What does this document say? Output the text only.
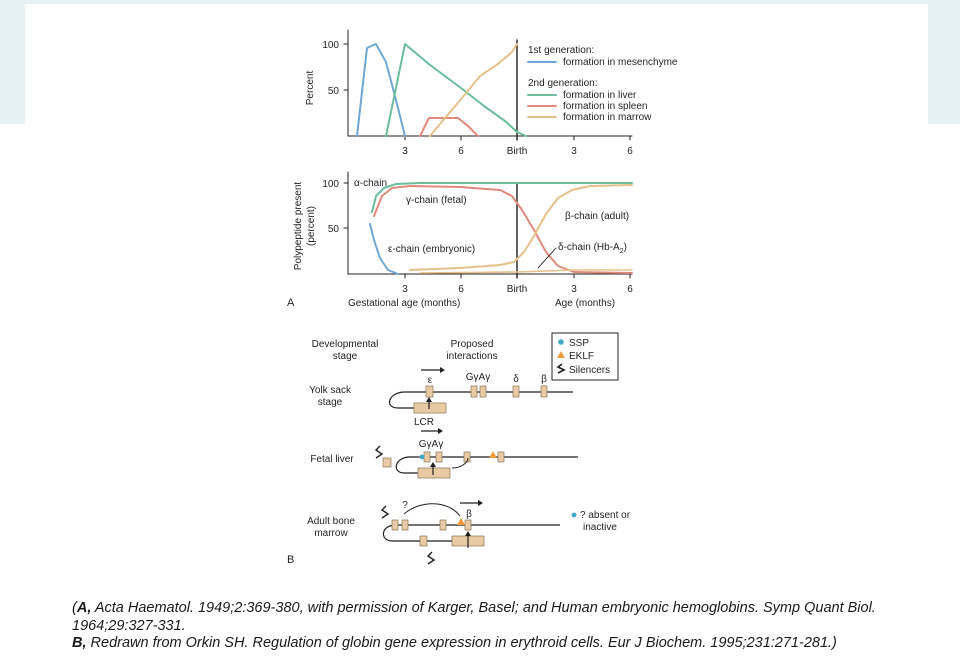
100
50
Percent
3	6	Birth	3	6
1st generation:
formation in mesenchyme
2nd generation:
formation in liver
formation in spleen
formation in marrow
100
50
Polypeptide present (percent)
3	6	Birth	3	6
Gestational age (months)	Age (months)
α-chain
γ-chain (fetal)
ε-chain (embryonic)
β-chain (adult)
δ-chain $(Hb-A_2)$
A
Developmental
stage
Proposed
interactions
SSP
EKLF
Silencers
Yolk sack
stage
ε	GγAγ δ β
LCR
Fetal liver
GγAγ
Adult bone
marrow
β
?
? absent or
inactive
B
(A, Acta Haematol. 1949;2:369-380, with permission of Karger, Basel; and Human embryonic hemoglobins. Symp Quant Biol. 1964;29:327-331.
B, Redrawn from Orkin SH. Regulation of globin gene expression in erythroid cells. Eur J Biochem. 1995;231:271-281.)
